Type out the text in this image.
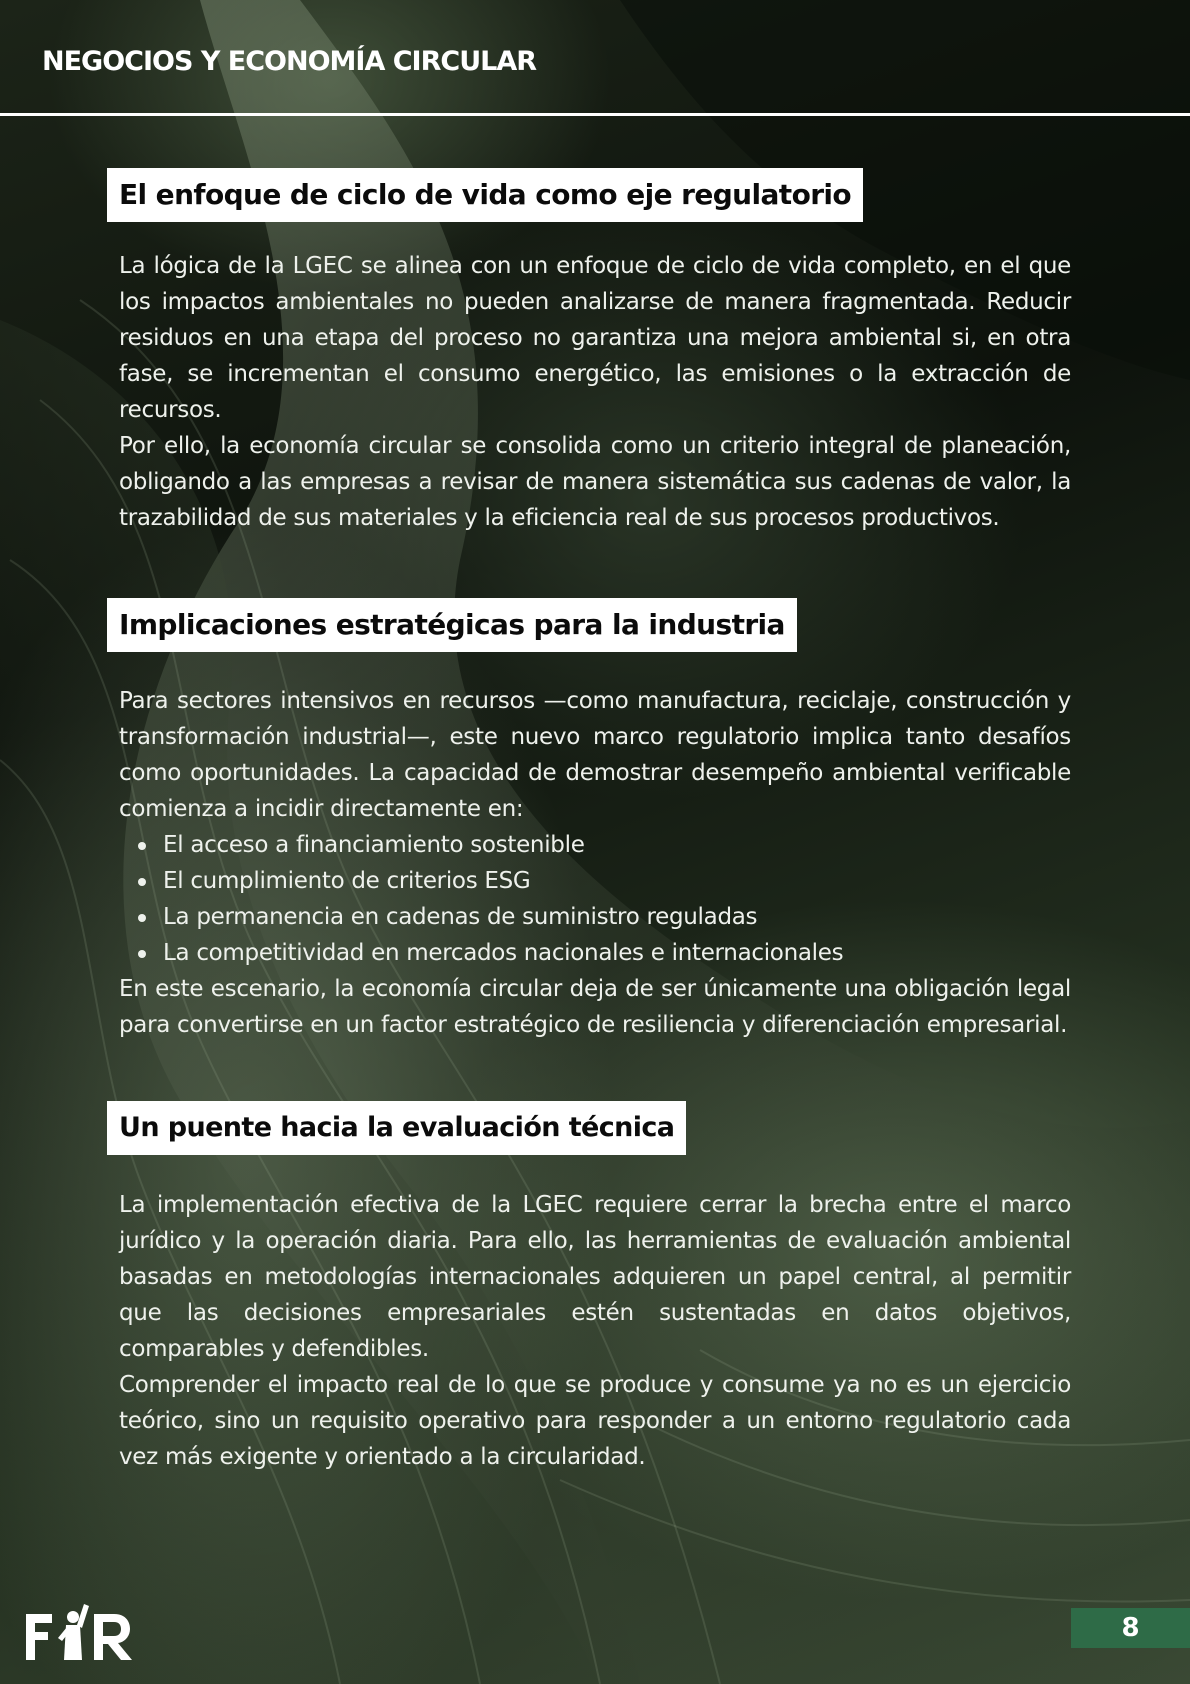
NEGOCIOS Y ECONOMÍA CIRCULAR
El enfoque de ciclo de vida como eje regulatorio

La lógica de la LGEC se alinea con un enfoque de ciclo de vida completo, en el que los impactos ambientales no pueden analizarse de manera fragmentada. Reducir residuos en una etapa del proceso no garantiza una mejora ambiental si, en otra fase, se incrementan el consumo energético, las emisiones o la extracción de recursos.

Por ello, la economía circular se consolida como un criterio integral de planeación, obligando a las empresas a revisar de manera sistemática sus cadenas de valor, la trazabilidad de sus materiales y la eficiencia real de sus procesos productivos.

Implicaciones estratégicas para la industria

Para sectores intensivos en recursos —como manufactura, reciclaje, construcción y transformación industrial—, este nuevo marco regulatorio implica tanto desafíos como oportunidades. La capacidad de demostrar desempeño ambiental verificable comienza a incidir directamente en:

El acceso a financiamiento sostenible
El cumplimiento de criterios ESG
La permanencia en cadenas de suministro reguladas
La competitividad en mercados nacionales e internacionales

En este escenario, la economía circular deja de ser únicamente una obligación legal para convertirse en un factor estratégico de resiliencia y diferenciación empresarial.

Un puente hacia la evaluación técnica

La implementación efectiva de la LGEC requiere cerrar la brecha entre el marco jurídico y la operación diaria. Para ello, las herramientas de evaluación ambiental basadas en metodologías internacionales adquieren un papel central, al permitir que las decisiones empresariales estén sustentadas en datos objetivos, comparables y defendibles.

Comprender el impacto real de lo que se produce y consume ya no es un ejercicio teórico, sino un requisito operativo para responder a un entorno regulatorio cada vez más exigente y orientado a la circularidad.

8
